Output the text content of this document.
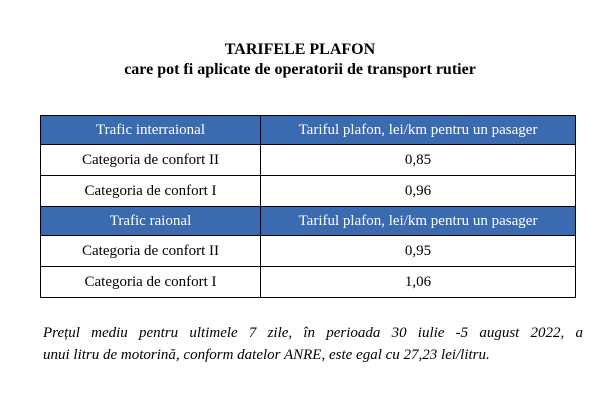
TARIFELE PLAFON
care pot fi aplicate de operatorii de transport rutier
Trafic interraional	Tariful plafon, lei/km pentru un pasager
Categoria de confort II	0,85
Categoria de confort I	0,96
Trafic raional	Tariful plafon, lei/km pentru un pasager
Categoria de confort II	0,95
Categoria de confort I	1,06
Prețul mediu pentru ultimele 7 zile, în perioada 30 iulie -5 august 2022, a
unui litru de motorină, conform datelor ANRE, este egal cu 27,23 lei/litru.
